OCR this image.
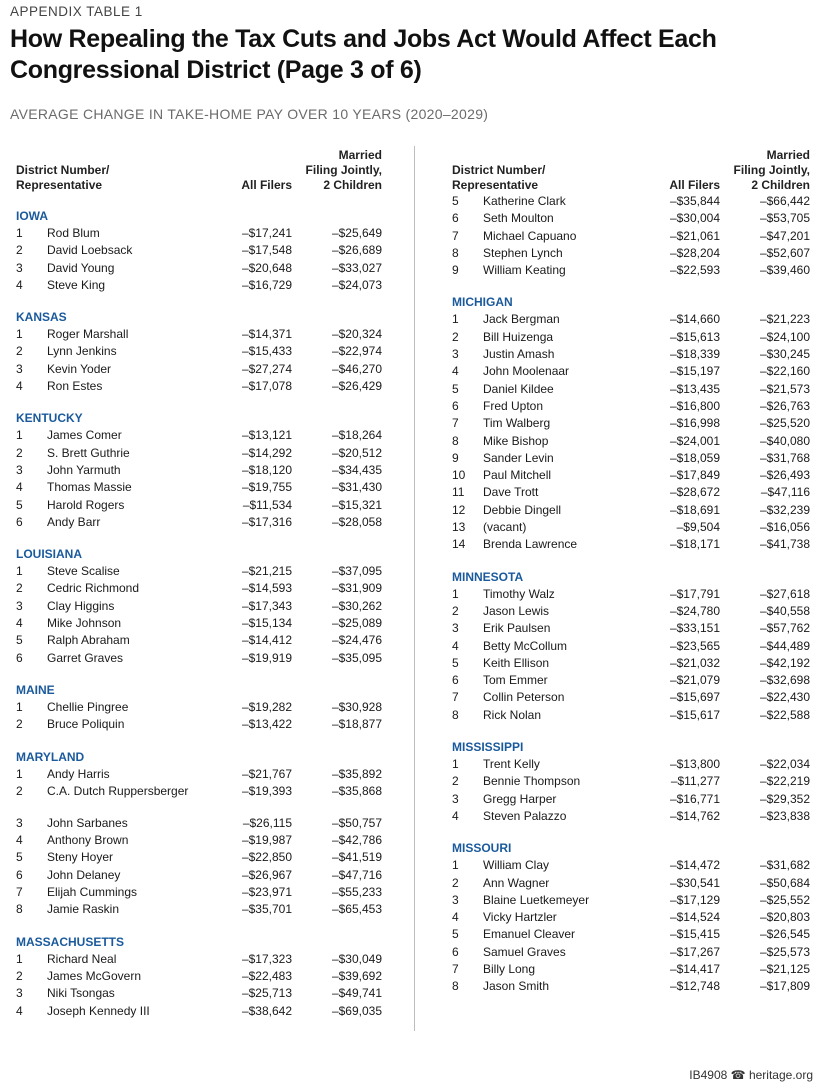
APPENDIX TABLE 1
How Repealing the Tax Cuts and Jobs Act Would Affect Each Congressional District (Page 3 of 6)
AVERAGE CHANGE IN TAKE-HOME PAY OVER 10 YEARS (2020–2029)
District Number/
Representative	All Filers
Married
Filing Jointly,
2 Children
IOWA
1 Rod Blum	–$17,241	–$25,649
2 David Loebsack	–$17,548	–$26,689
3 David Young	–$20,648	–$33,027
4 Steve King	–$16,729	–$24,073
KANSAS
1 Roger Marshall	–$14,371	–$20,324
2 Lynn Jenkins	–$15,433	–$22,974
3 Kevin Yoder	–$27,274	–$46,270
4 Ron Estes	–$17,078	–$26,429
KENTUCKY
1 James Comer	–$13,121	–$18,264
2 S. Brett Guthrie	–$14,292	–$20,512
3 John Yarmuth	–$18,120	–$34,435
4 Thomas Massie	–$19,755	–$31,430
5 Harold Rogers	–$11,534	–$15,321
6 Andy Barr	–$17,316	–$28,058
LOUISIANA
1 Steve Scalise	–$21,215	–$37,095
2 Cedric Richmond	–$14,593	–$31,909
3 Clay Higgins	–$17,343	–$30,262
4 Mike Johnson	–$15,134	–$25,089
5 Ralph Abraham	–$14,412	–$24,476
6 Garret Graves	–$19,919	–$35,095
MAINE
1 Chellie Pingree	–$19,282	–$30,928
2 Bruce Poliquin	–$13,422	–$18,877
MARYLAND
1 Andy Harris	–$21,767	–$35,892
2 C.A. Dutch Ruppersberger	–$19,393	–$35,868
3 John Sarbanes	–$26,115	–$50,757
4 Anthony Brown	–$19,987	–$42,786
5 Steny Hoyer	–$22,850	–$41,519
6 John Delaney	–$26,967	–$47,716
7 Elijah Cummings	–$23,971	–$55,233
8 Jamie Raskin	–$35,701	–$65,453
MASSACHUSETTS
1 Richard Neal	–$17,323	–$30,049
2 James McGovern	–$22,483	–$39,692
3 Niki Tsongas	–$25,713	–$49,741
4 Joseph Kennedy III	–$38,642	–$69,035
District Number/
Representative	All Filers
Married
Filing Jointly,
2 Children
5 Katherine Clark	–$35,844	–$66,442
6 Seth Moulton	–$30,004	–$53,705
7 Michael Capuano	–$21,061	–$47,201
8 Stephen Lynch	–$28,204	–$52,607
9 William Keating	–$22,593	–$39,460
MICHIGAN
1 Jack Bergman	–$14,660	–$21,223
2 Bill Huizenga	–$15,613	–$24,100
3 Justin Amash	–$18,339	–$30,245
4 John Moolenaar	–$15,197	–$22,160
5 Daniel Kildee	–$13,435	–$21,573
6 Fred Upton	–$16,800	–$26,763
7 Tim Walberg	–$16,998	–$25,520
8 Mike Bishop	–$24,001	–$40,080
9 Sander Levin	–$18,059	–$31,768
10 Paul Mitchell	–$17,849	–$26,493
11 Dave Trott	–$28,672	–$47,116
12 Debbie Dingell	–$18,691	–$32,239
13 (vacant)	–$9,504	–$16,056
14 Brenda Lawrence	–$18,171	–$41,738
MINNESOTA
1 Timothy Walz	–$17,791	–$27,618
2 Jason Lewis	–$24,780	–$40,558
3 Erik Paulsen	–$33,151	–$57,762
4 Betty McCollum	–$23,565	–$44,489
5 Keith Ellison	–$21,032	–$42,192
6 Tom Emmer	–$21,079	–$32,698
7 Collin Peterson	–$15,697	–$22,430
8 Rick Nolan	–$15,617	–$22,588
MISSISSIPPI
1 Trent Kelly	–$13,800	–$22,034
2 Bennie Thompson	–$11,277	–$22,219
3 Gregg Harper	–$16,771	–$29,352
4 Steven Palazzo	–$14,762	–$23,838
MISSOURI
1 William Clay	–$14,472	–$31,682
2 Ann Wagner	–$30,541	–$50,684
3 Blaine Luetkemeyer	–$17,129	–$25,552
4 Vicky Hartzler	–$14,524	–$20,803
5 Emanuel Cleaver	–$15,415	–$26,545
6 Samuel Graves	–$17,267	–$25,573
7 Billy Long	–$14,417	–$21,125
8 Jason Smith	–$12,748	–$17,809
IB4908 ☎ heritage.org
